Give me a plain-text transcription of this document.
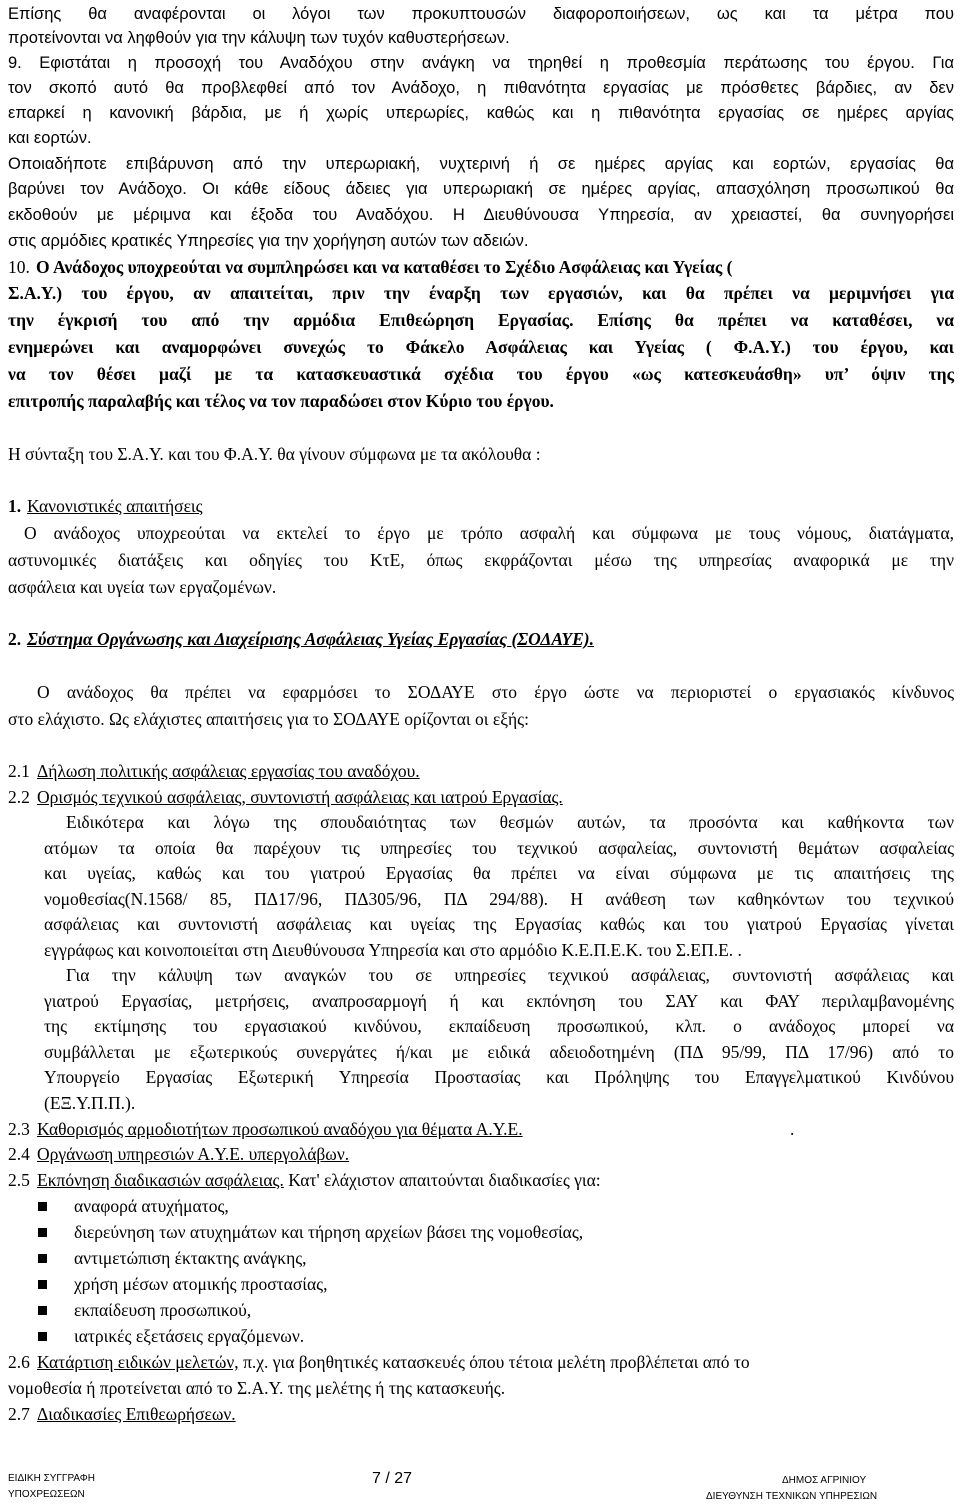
Επίσης θα αναφέρονται οι λόγοι των προκυπτουσών διαφοροποιήσεων, ως και τα μέτρα που
προτείνονται να ληφθούν για την κάλυψη των τυχόν καθυστερήσεων.
9. Εφιστάται η προσοχή του Αναδόχου στην ανάγκη να τηρηθεί η προθεσμία περάτωσης του έργου. Για
τον σκοπό αυτό θα προβλεφθεί από τον Ανάδοχο, η πιθανότητα εργασίας με πρόσθετες βάρδιες, αν δεν
επαρκεί η κανονική βάρδια, με ή χωρίς υπερωρίες, καθώς και η πιθανότητα εργασίας σε ημέρες αργίας
και εορτών.
Οποιαδήποτε επιβάρυνση από την υπερωριακή, νυχτερινή ή σε ημέρες αργίας και εορτών, εργασίας θα
βαρύνει τον Ανάδοχο. Οι κάθε είδους άδειες για υπερωριακή σε ημέρες αργίας, απασχόληση προσωπικού θα
εκδοθούν με μέριμνα και έξοδα του Αναδόχου. Η Διευθύνουσα Υπηρεσία, αν χρειαστεί, θα συνηγορήσει
στις αρμόδιες κρατικές Υπηρεσίες για την χορήγηση αυτών των αδειών.
10. Ο Ανάδοχος υποχρεούται να συμπληρώσει και να καταθέσει το Σχέδιο Ασφάλειας και Υγείας (
Σ.Α.Υ.) του έργου, αν απαιτείται, πριν την έναρξη των εργασιών, και θα πρέπει να μεριμνήσει για
την έγκρισή του από την αρμόδια Επιθεώρηση Εργασίας. Επίσης θα πρέπει να καταθέσει, να
ενημερώνει και αναμορφώνει συνεχώς το Φάκελο Ασφάλειας και Υγείας ( Φ.Α.Υ.) του έργου, και
να τον θέσει μαζί με τα κατασκευαστικά σχέδια του έργου «ως κατεσκευάσθη» υπ’ όψιν της
επιτροπής παραλαβής και τέλος να τον παραδώσει στον Κύριο του έργου.
Η σύνταξη του Σ.Α.Υ. και του Φ.Α.Υ. θα γίνουν σύμφωνα με τα ακόλουθα :
1. Κανονιστικές απαιτήσεις
Ο ανάδοχος υποχρεούται να εκτελεί το έργο με τρόπο ασφαλή και σύμφωνα με τους νόμους, διατάγματα,
αστυνομικές διατάξεις και οδηγίες του ΚτΕ, όπως εκφράζονται μέσω της υπηρεσίας αναφορικά με την
ασφάλεια και υγεία των εργαζομένων.
2. Σύστημα Οργάνωσης και Διαχείρισης Ασφάλειας Υγείας Εργασίας (ΣΟΔΑΥΕ).
Ο ανάδοχος θα πρέπει να εφαρμόσει το ΣΟΔΑΥΕ στο έργο ώστε να περιοριστεί ο εργασιακός κίνδυνος
στο ελάχιστο. Ως ελάχιστες απαιτήσεις για το ΣΟΔΑΥΕ ορίζονται οι εξής:
2.1 Δήλωση πολιτικής ασφάλειας εργασίας του αναδόχου.
2.2 Ορισμός τεχνικού ασφάλειας, συντονιστή ασφάλειας και ιατρού Εργασίας.
Ειδικότερα και λόγω της σπουδαιότητας των θεσμών αυτών, τα προσόντα και καθήκοντα των
ατόμων τα οποία θα παρέχουν τις υπηρεσίες του τεχνικού ασφαλείας, συντονιστή θεμάτων ασφαλείας
και υγείας, καθώς και του γιατρού Εργασίας θα πρέπει να είναι σύμφωνα με τις απαιτήσεις της
νομοθεσίας(Ν.1568/ 85, ΠΔ17/96, ΠΔ305/96, ΠΔ 294/88). Η ανάθεση των καθηκόντων του τεχνικού
ασφάλειας και συντονιστή ασφάλειας και υγείας της Εργασίας καθώς και του γιατρού Εργασίας γίνεται
εγγράφως και κοινοποιείται στη Διευθύνουσα Υπηρεσία και στο αρμόδιο Κ.Ε.Π.Ε.Κ. του Σ.ΕΠ.Ε. .
Για την κάλυψη των αναγκών του σε υπηρεσίες τεχνικού ασφάλειας, συντονιστή ασφάλειας και
γιατρού Εργασίας, μετρήσεις, αναπροσαρμογή ή και εκπόνηση του ΣΑΥ και ΦΑΥ περιλαμβανομένης
της εκτίμησης του εργασιακού κινδύνου, εκπαίδευση προσωπικού, κλπ. ο ανάδοχος μπορεί να
συμβάλλεται με εξωτερικούς συνεργάτες ή/και με ειδικά αδειοδοτημένη (ΠΔ 95/99, ΠΔ 17/96) από το
Υπουργείο Εργασίας Εξωτερική Υπηρεσία Προστασίας και Πρόληψης του Επαγγελματικού Κινδύνου
(ΕΞ.Υ.Π.Π.).
2.3 Καθορισμός αρμοδιοτήτων προσωπικού αναδόχου για θέματα Α.Υ.Ε.	.
2.4 Οργάνωση υπηρεσιών Α.Υ.Ε. υπεργολάβων.
2.5 Εκπόνηση διαδικασιών ασφάλειας. Κατ' ελάχιστον απαιτούνται διαδικασίες για:
αναφορά ατυχήματος,
διερεύνηση των ατυχημάτων και τήρηση αρχείων βάσει της νομοθεσίας,
αντιμετώπιση έκτακτης ανάγκης,
χρήση μέσων ατομικής προστασίας,
εκπαίδευση προσωπικού,
ιατρικές εξετάσεις εργαζόμενων.
2.6 Κατάρτιση ειδικών μελετών, π.χ. για βοηθητικές κατασκευές όπου τέτοια μελέτη προβλέπεται από το
νομοθεσία ή προτείνεται από το Σ.Α.Υ. της μελέτης ή της κατασκευής.
2.7 Διαδικασίες Επιθεωρήσεων.
ΕΙΔΙΚΗ ΣΥΓΓΡΑΦΗ
ΥΠΟΧΡΕΩΣΕΩΝ
7 / 27	ΔΗΜΟΣ ΑΓΡΙΝΙΟΥ
ΔΙΕΥΘΥΝΣΗ ΤΕΧΝΙΚΩΝ ΥΠΗΡΕΣΙΩΝ
